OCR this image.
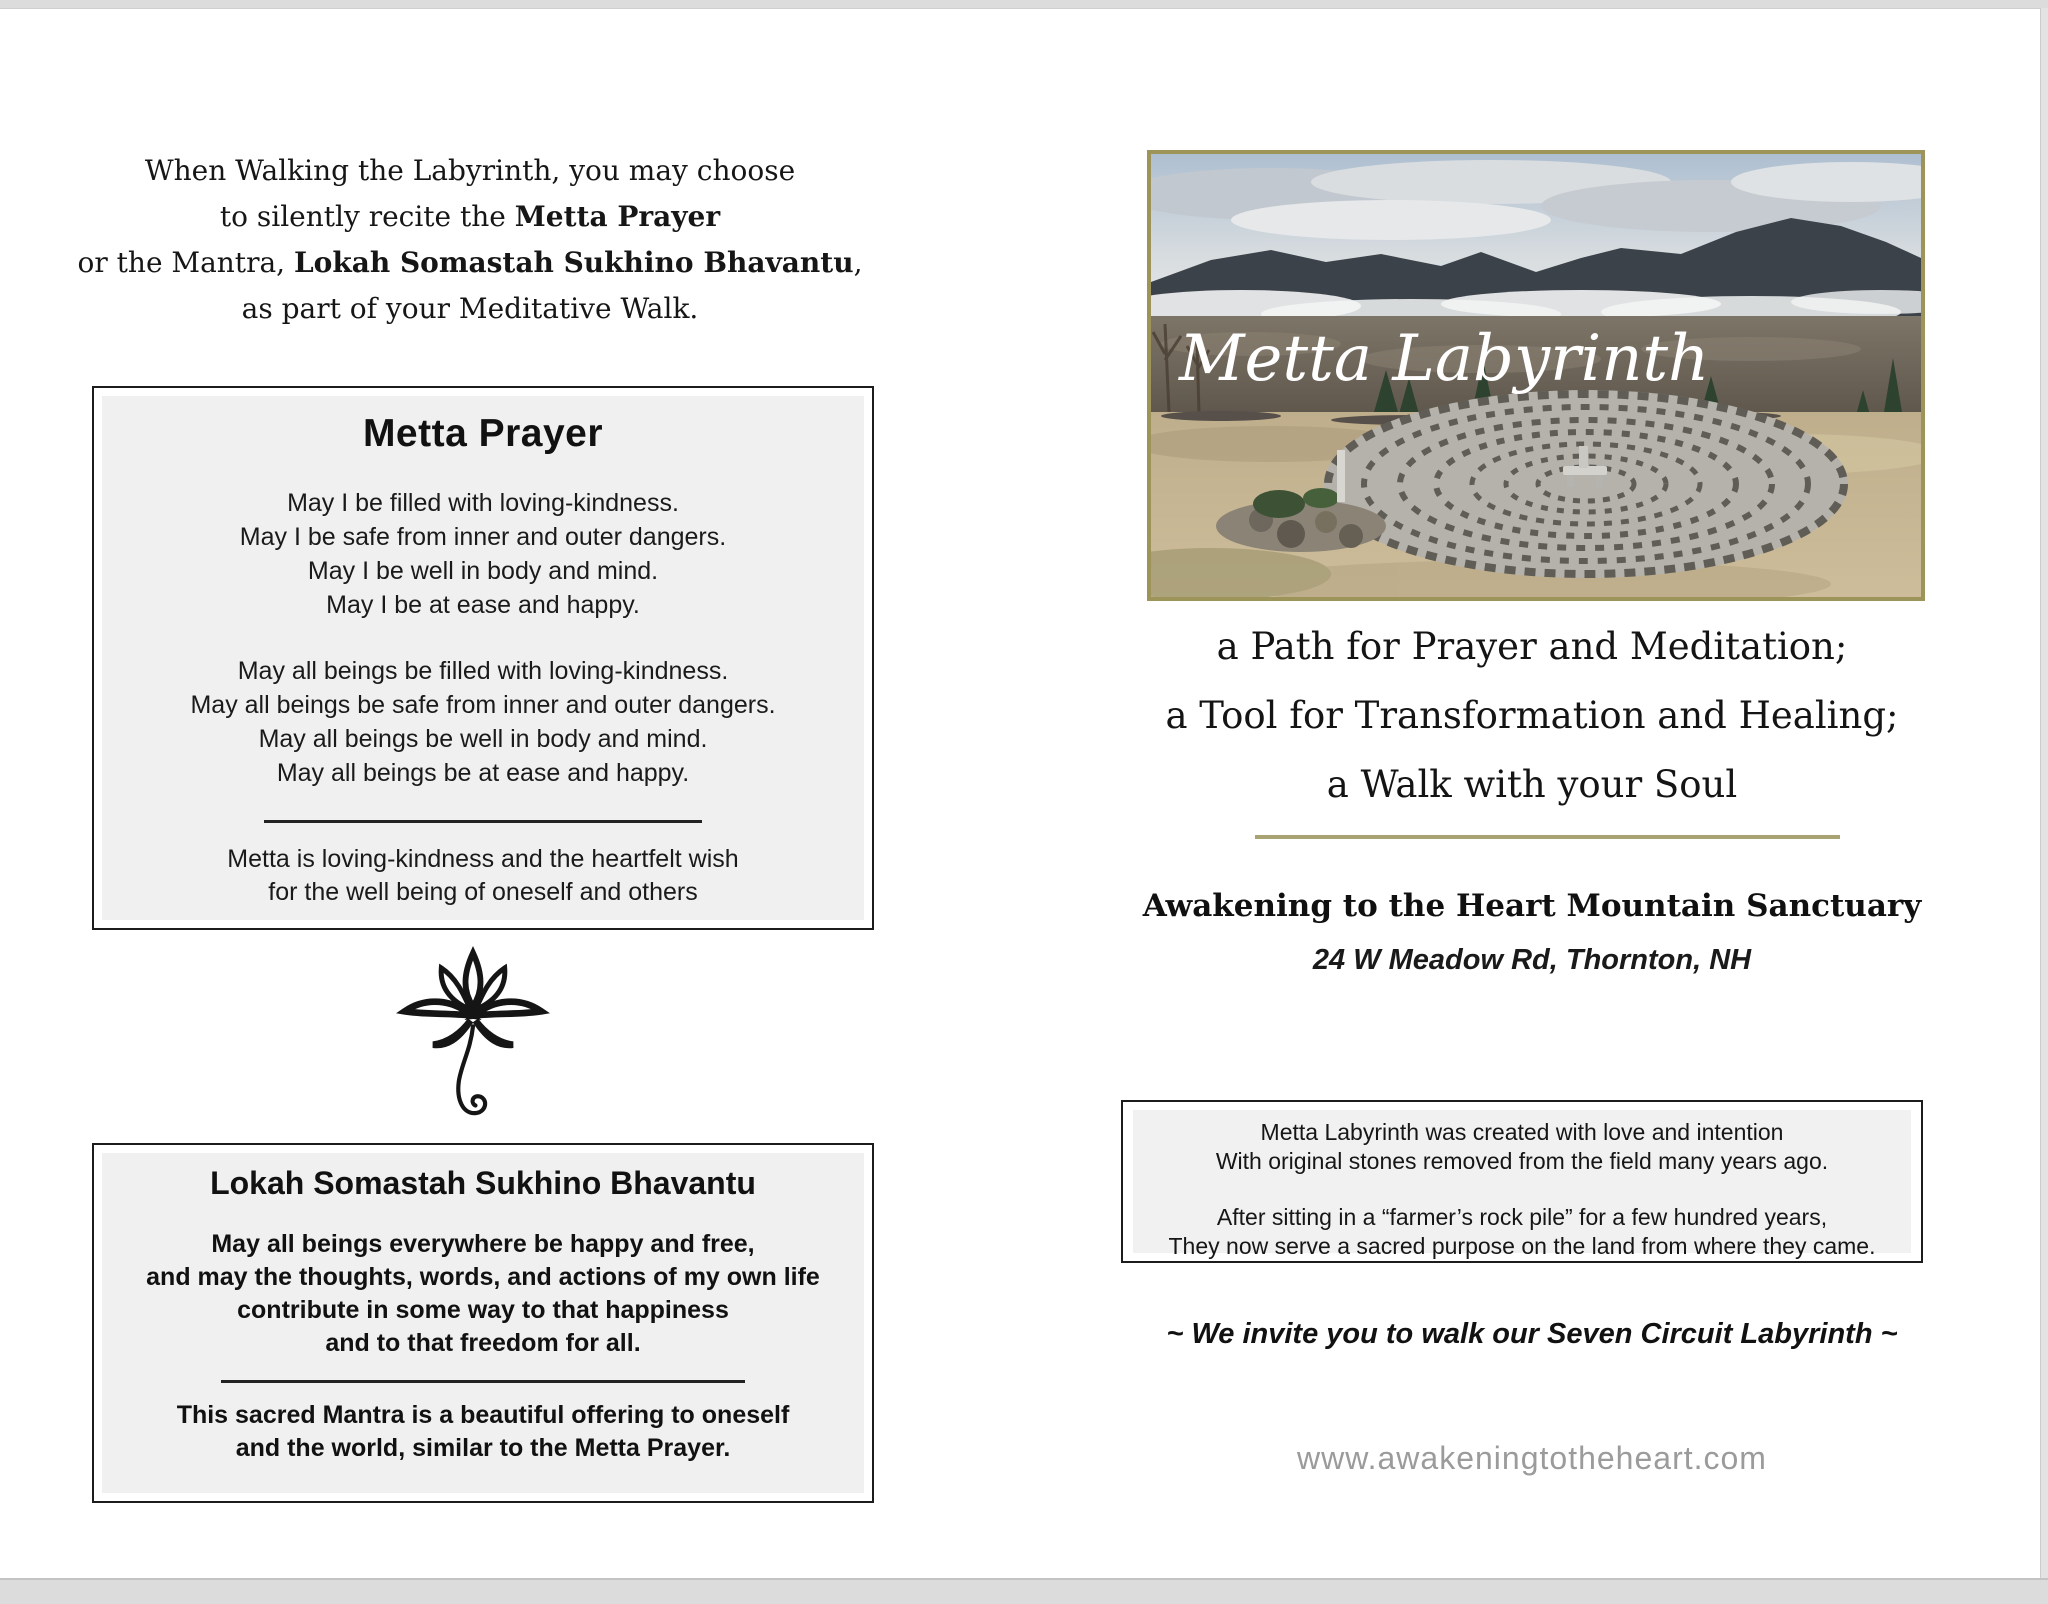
When Walking the Labyrinth, you may choose
to silently recite the Metta Prayer
or the Mantra, Lokah Somastah Sukhino Bhavantu,
as part of your Meditative Walk.
Metta Prayer
May I be filled with loving-kindness.
May I be safe from inner and outer dangers.
May I be well in body and mind.
May I be at ease and happy.
May all beings be filled with loving-kindness.
May all beings be safe from inner and outer dangers.
May all beings be well in body and mind.
May all beings be at ease and happy.
Metta is loving-kindness and the heartfelt wish
for the well being of oneself and others
Lokah Somastah Sukhino Bhavantu
May all beings everywhere be happy and free,
and may the thoughts, words, and actions of my own life
contribute in some way to that happiness
and to that freedom for all.
This sacred Mantra is a beautiful offering to oneself
and the world, similar to the Metta Prayer.
Metta Labyrinth
a Path for Prayer and Meditation;
a Tool for Transformation and Healing;
a Walk with your Soul
Awakening to the Heart Mountain Sanctuary
24 W Meadow Rd, Thornton, NH
Metta Labyrinth was created with love and intention
With original stones removed from the field many years ago.
After sitting in a “farmer’s rock pile” for a few hundred years,
They now serve a sacred purpose on the land from where they came.
~ We invite you to walk our Seven Circuit Labyrinth ~
www.awakeningtotheheart.com
